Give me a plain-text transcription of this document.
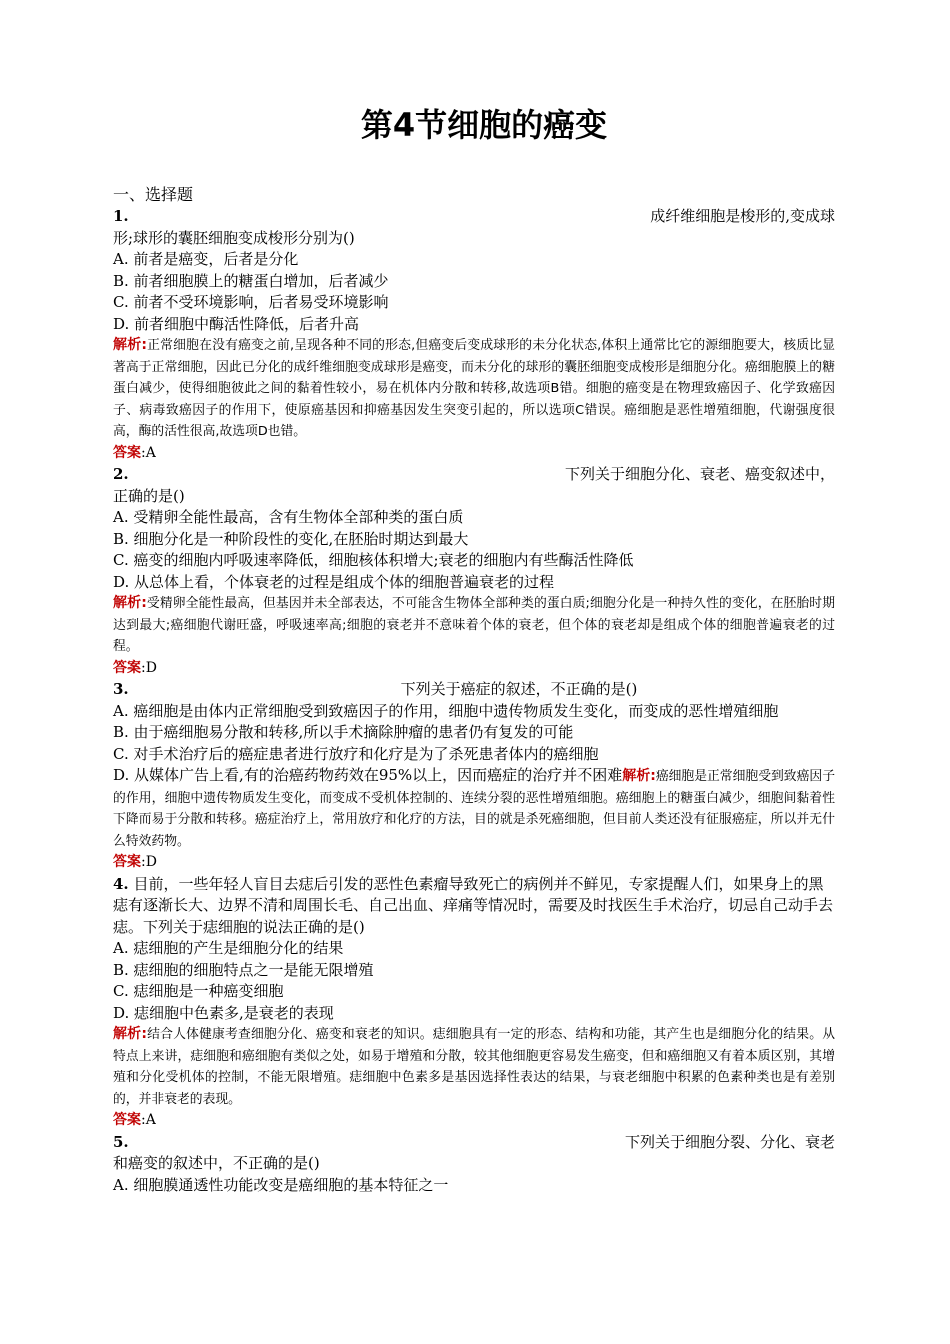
第4节细胞的癌变

一、选择题

1.	成纤维细胞是梭形的,变成球
形;球形的囊胚细胞变成梭形分别为()
A. 前者是癌变，后者是分化
B. 前者细胞膜上的糖蛋白增加，后者减少
C. 前者不受环境影响，后者易受环境影响
D. 前者细胞中酶活性降低，后者升高
解析:正常细胞在没有癌变之前,呈现各种不同的形态,但癌变后变成球形的未分化状态,体积上通常比它的源细胞要大，核质比显著高于正常细胞，因此已分化的成纤维细胞变成球形是癌变，而未分化的球形的囊胚细胞变成梭形是细胞分化。癌细胞膜上的糖蛋白减少，使得细胞彼此之间的黏着性较小，易在机体内分散和转移,故选项B错。细胞的癌变是在物理致癌因子、化学致癌因子、病毒致癌因子的作用下，使原癌基因和抑癌基因发生突变引起的，所以选项C错误。癌细胞是恶性增殖细胞，代谢强度很高，酶的活性很高,故选项D也错。
答案:A
2.	下列关于细胞分化、衰老、癌变叙述中，
正确的是()
A. 受精卵全能性最高，含有生物体全部种类的蛋白质
B. 细胞分化是一种阶段性的变化,在胚胎时期达到最大
C. 癌变的细胞内呼吸速率降低，细胞核体积增大;衰老的细胞内有些酶活性降低
D. 从总体上看，个体衰老的过程是组成个体的细胞普遍衰老的过程
解析:受精卵全能性最高，但基因并未全部表达，不可能含生物体全部种类的蛋白质;细胞分化是一种持久性的变化，在胚胎时期达到最大;癌细胞代谢旺盛，呼吸速率高;细胞的衰老并不意味着个体的衰老，但个体的衰老却是组成个体的细胞普遍衰老的过程。
答案:D
3.	下列关于癌症的叙述，不正确的是()
A. 癌细胞是由体内正常细胞受到致癌因子的作用，细胞中遗传物质发生变化，而变成的恶性增殖细胞
B. 由于癌细胞易分散和转移,所以手术摘除肿瘤的患者仍有复发的可能
C. 对手术治疗后的癌症患者进行放疗和化疗是为了杀死患者体内的癌细胞
D. 从媒体广告上看,有的治癌药物药效在95%以上，因而癌症的治疗并不困难解析:癌细胞是正常细胞受到致癌因子的作用，细胞中遗传物质发生变化，而变成不受机体控制的、连续分裂的恶性增殖细胞。癌细胞上的糖蛋白减少，细胞间黏着性下降而易于分散和转移。癌症治疗上，常用放疗和化疗的方法，目的就是杀死癌细胞，但目前人类还没有征服癌症，所以并无什么特效药物。
答案:D
4. 目前，一些年轻人盲目去痣后引发的恶性色素瘤导致死亡的病例并不鲜见，专家提醒人们，如果身上的黑痣有逐渐长大、边界不清和周围长毛、自己出血、痒痛等情况时，需要及时找医生手术治疗，切忌自己动手去痣。下列关于痣细胞的说法正确的是()
A. 痣细胞的产生是细胞分化的结果
B. 痣细胞的细胞特点之一是能无限增殖
C. 痣细胞是一种癌变细胞
D. 痣细胞中色素多,是衰老的表现
解析:结合人体健康考查细胞分化、癌变和衰老的知识。痣细胞具有一定的形态、结构和功能，其产生也是细胞分化的结果。从特点上来讲，痣细胞和癌细胞有类似之处，如易于增殖和分散，较其他细胞更容易发生癌变，但和癌细胞又有着本质区别，其增殖和分化受机体的控制，不能无限增殖。痣细胞中色素多是基因选择性表达的结果，与衰老细胞中积累的色素种类也是有差别的，并非衰老的表现。
答案:A
5.	下列关于细胞分裂、分化、衰老
和癌变的叙述中，不正确的是()
A. 细胞膜通透性功能改变是癌细胞的基本特征之一
